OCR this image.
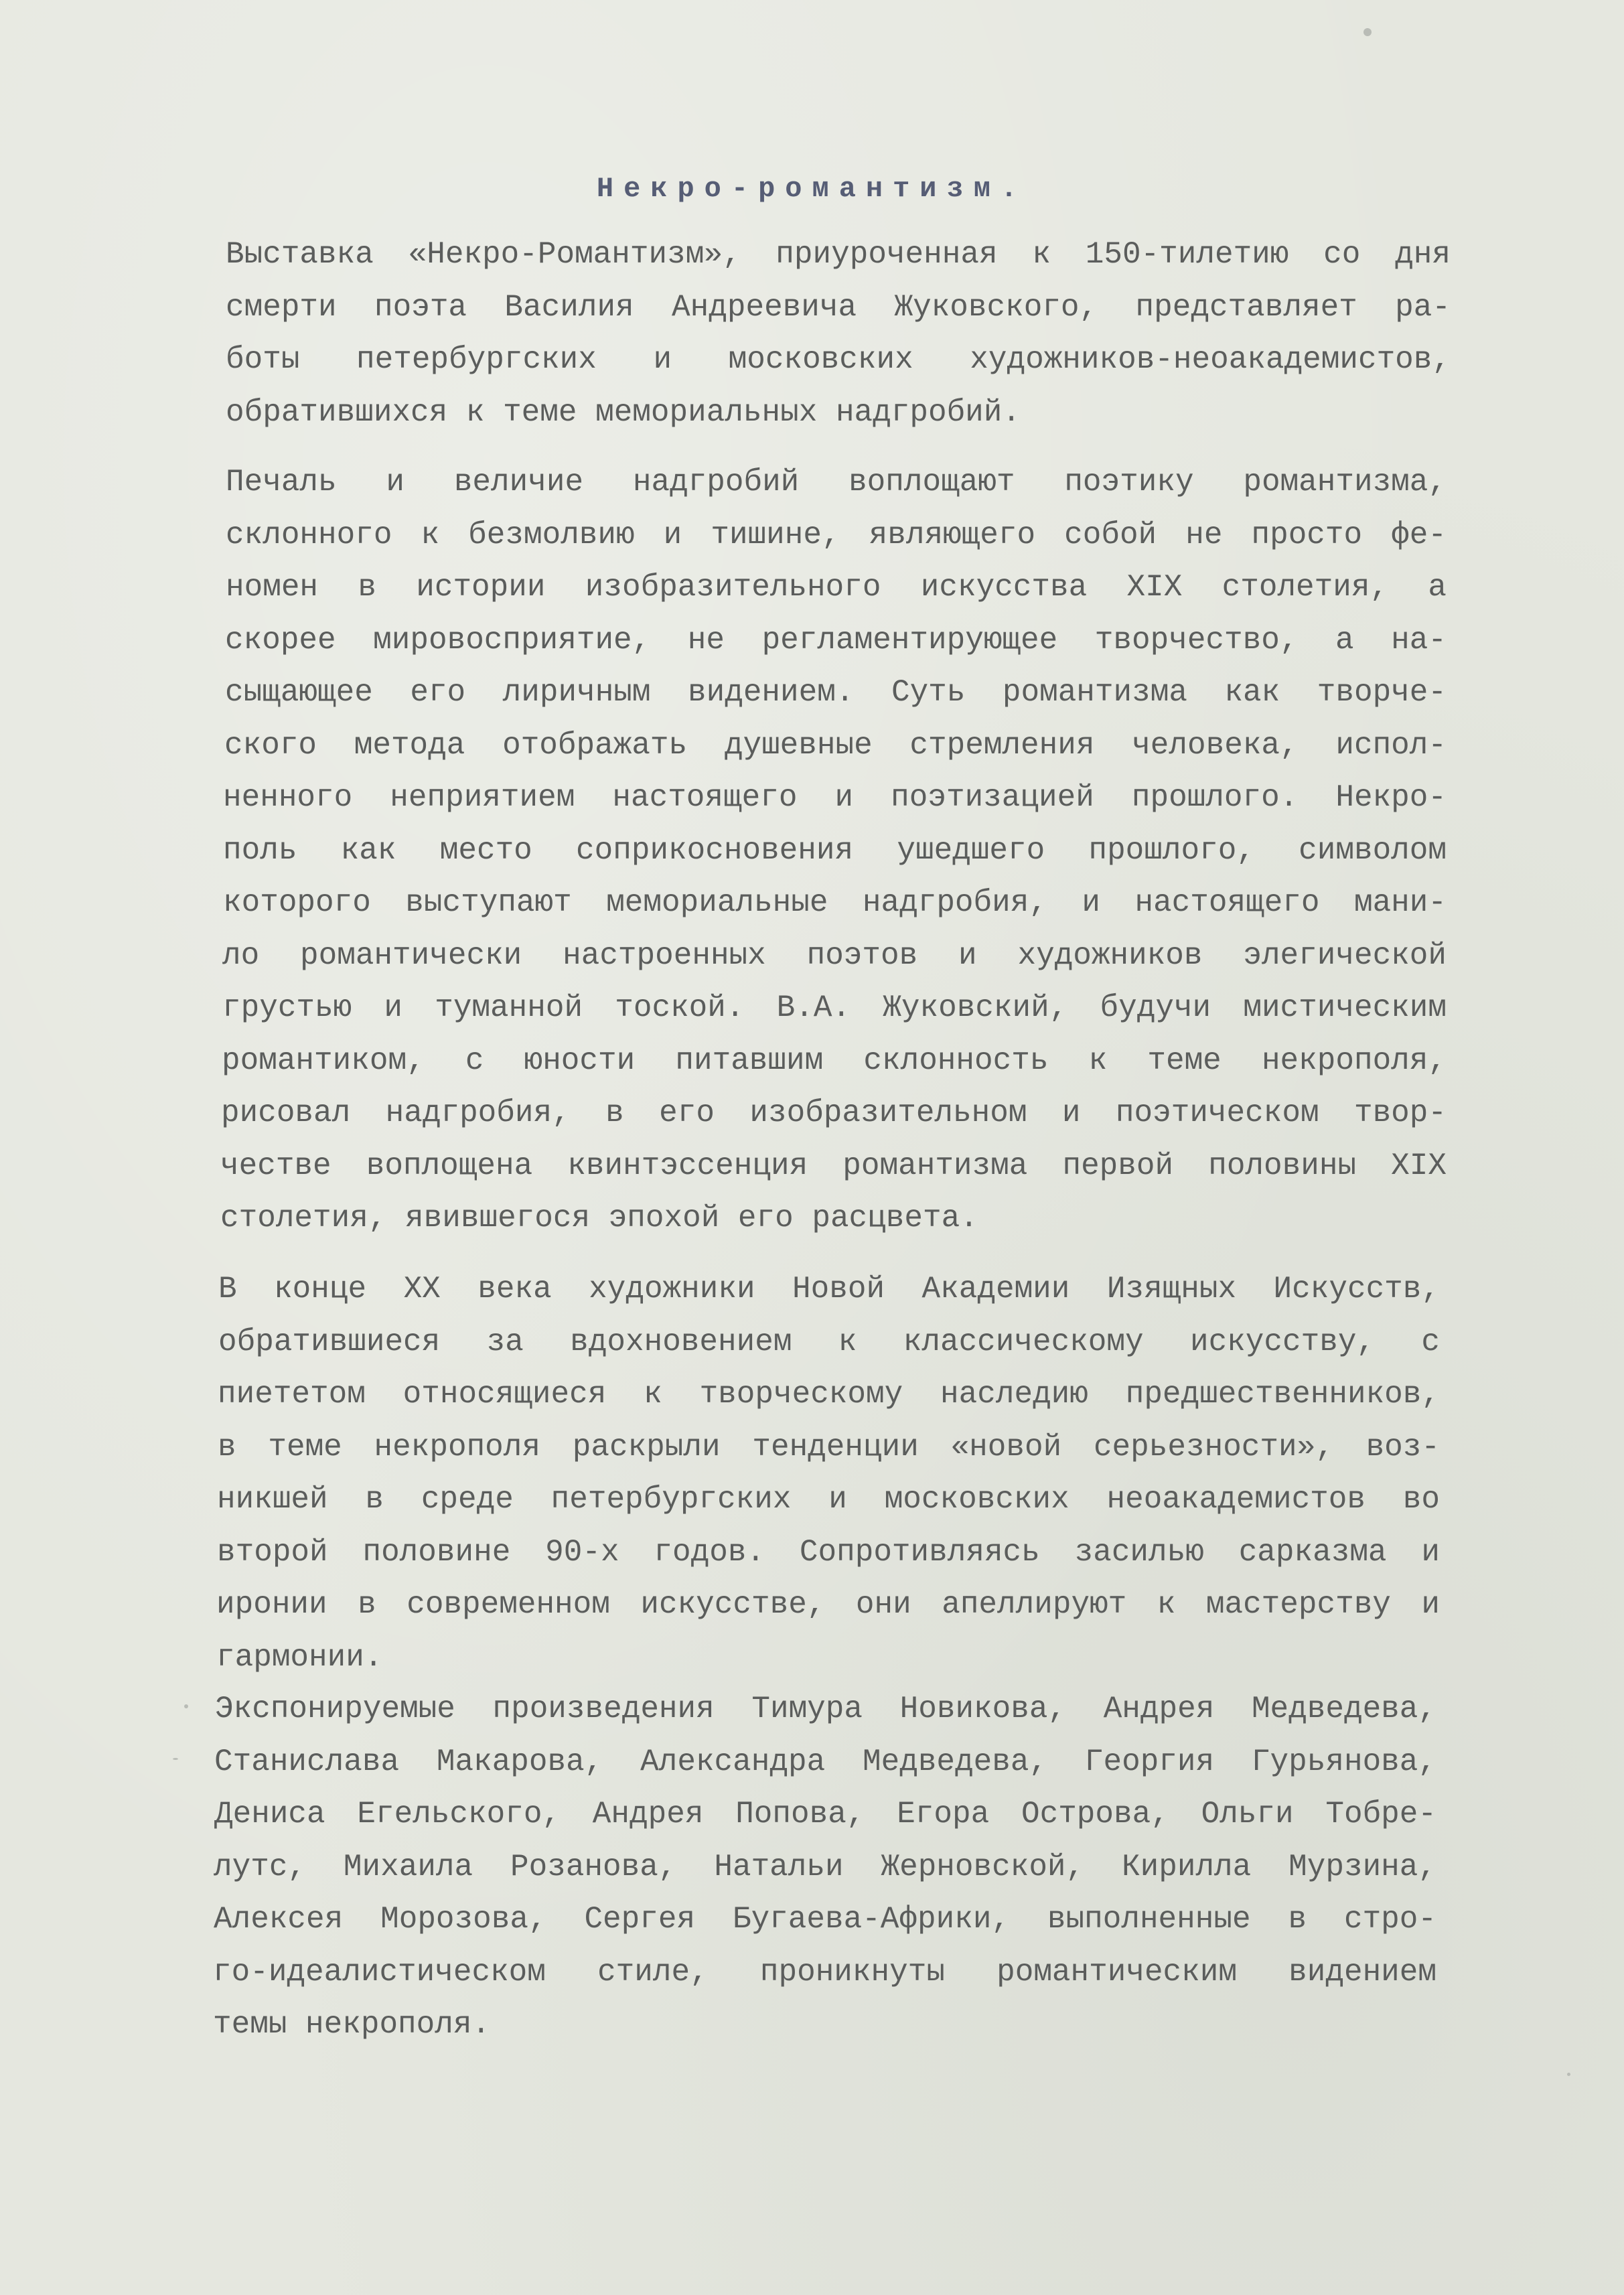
Некро-романтизм.
Выставка «Некро-Романтизм», приуроченная к 150-тилетию со дня
смерти поэта Василия Андреевича Жуковского, представляет ра-
боты петербургских и московских художников-неоакадемистов,
обратившихся к теме мемориальных надгробий.
Печаль и величие надгробий воплощают поэтику романтизма,
склонного к безмолвию и тишине, являющего собой не просто фе-
номен в истории изобразительного искусства XIX столетия, а
скорее мировосприятие, не регламентирующее творчество, а на-
сыщающее его лиричным видением. Суть романтизма как творче-
ского метода отображать душевные стремления человека, испол-
ненного неприятием настоящего и поэтизацией прошлого. Некро-
поль как место соприкосновения ушедшего прошлого, символом
которого выступают мемориальные надгробия, и настоящего мани-
ло романтически настроенных поэтов и художников элегической
грустью и туманной тоской. В.А. Жуковский, будучи мистическим
романтиком, с юности питавшим склонность к теме некрополя,
рисовал надгробия, в его изобразительном и поэтическом твор-
честве воплощена квинтэссенция романтизма первой половины XIX
столетия, явившегося эпохой его расцвета.
В конце XX века художники Новой Академии Изящных Искусств,
обратившиеся за вдохновением к классическому искусству, с
пиететом относящиеся к творческому наследию предшественников,
в теме некрополя раскрыли тенденции «новой серьезности», воз-
никшей в среде петербургских и московских неоакадемистов во
второй половине 90-х годов. Сопротивляясь засилью сарказма и
иронии в современном искусстве, они апеллируют к мастерству и
гармонии.
Экспонируемые произведения Тимура Новикова, Андрея Медведева,
Станислава Макарова, Александра Медведева, Георгия Гурьянова,
Дениса Егельского, Андрея Попова, Егора Острова, Ольги Тобре-
лутс, Михаила Розанова, Натальи Жерновской, Кирилла Мурзина,
Алексея Морозова, Сергея Бугаева-Африки, выполненные в стро-
го-идеалистическом стиле, проникнуты романтическим видением
темы некрополя.
